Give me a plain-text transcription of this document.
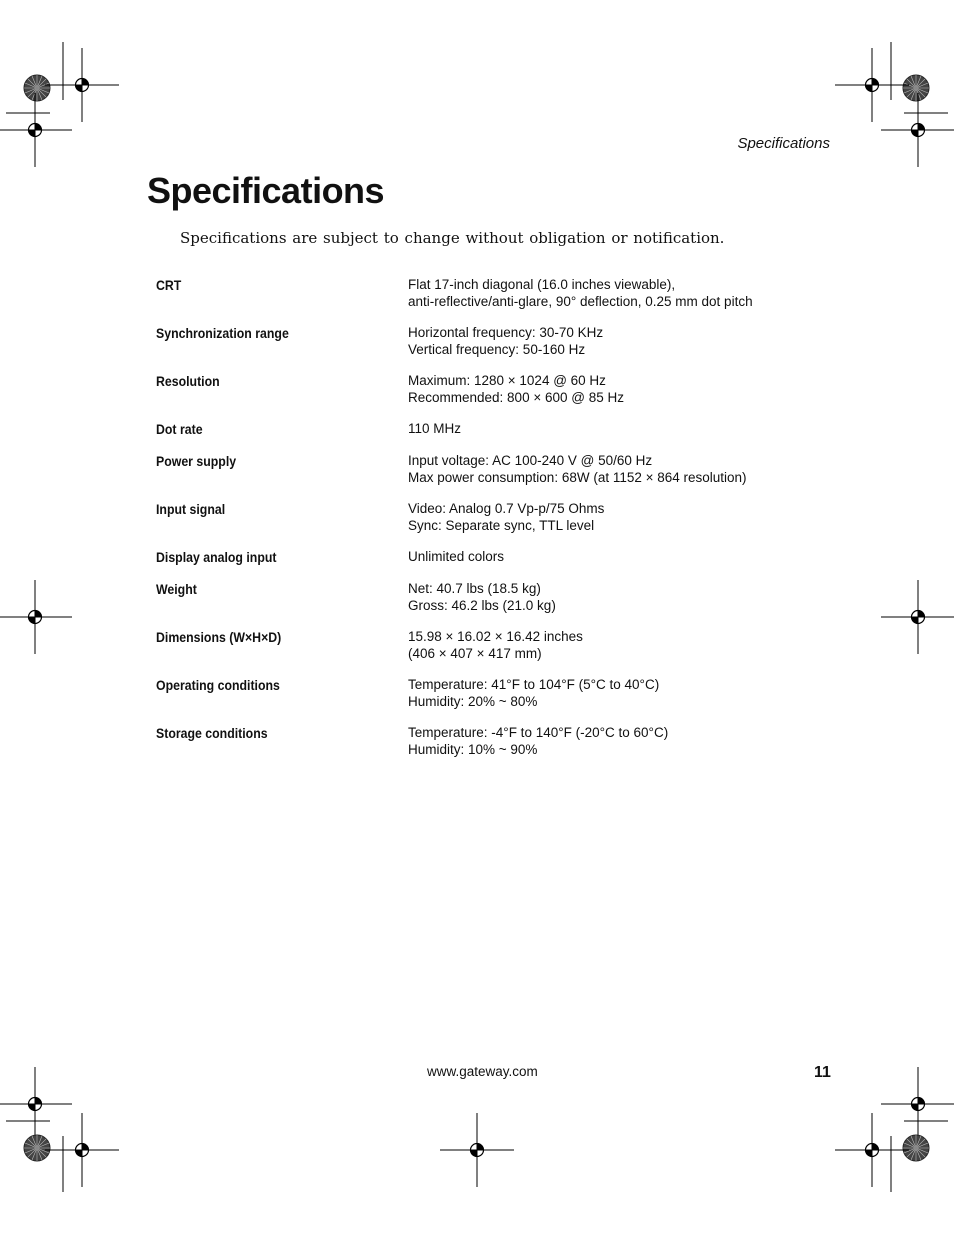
Specifications
Specifications
Specifications are subject to change without obligation or notification.
CRT	Flat 17-inch diagonal (16.0 inches viewable),
anti-reflective/anti-glare, 90° deflection, 0.25 mm dot pitch
Synchronization range	Horizontal frequency: 30-70 KHz
Vertical frequency: 50-160 Hz
Resolution	Maximum: 1280 × 1024 @ 60 Hz
Recommended: 800 × 600 @ 85 Hz
Dot rate	110 MHz
Power supply	Input voltage: AC 100-240 V @ 50/60 Hz
Max power consumption: 68W (at 1152 × 864 resolution)
Input signal	Video: Analog 0.7 Vp-p/75 Ohms
Sync: Separate sync, TTL level
Display analog input	Unlimited colors
Weight	Net: 40.7 lbs (18.5 kg)
Gross: 46.2 lbs (21.0 kg)
Dimensions (W×H×D)	15.98 × 16.02 × 16.42 inches
(406 × 407 × 417 mm)
Operating conditions	Temperature: 41°F to 104°F (5°C to 40°C)
Humidity: 20% ~ 80%
Storage conditions	Temperature: -4°F to 140°F (-20°C to 60°C)
Humidity: 10% ~ 90%
www.gateway.com	11
